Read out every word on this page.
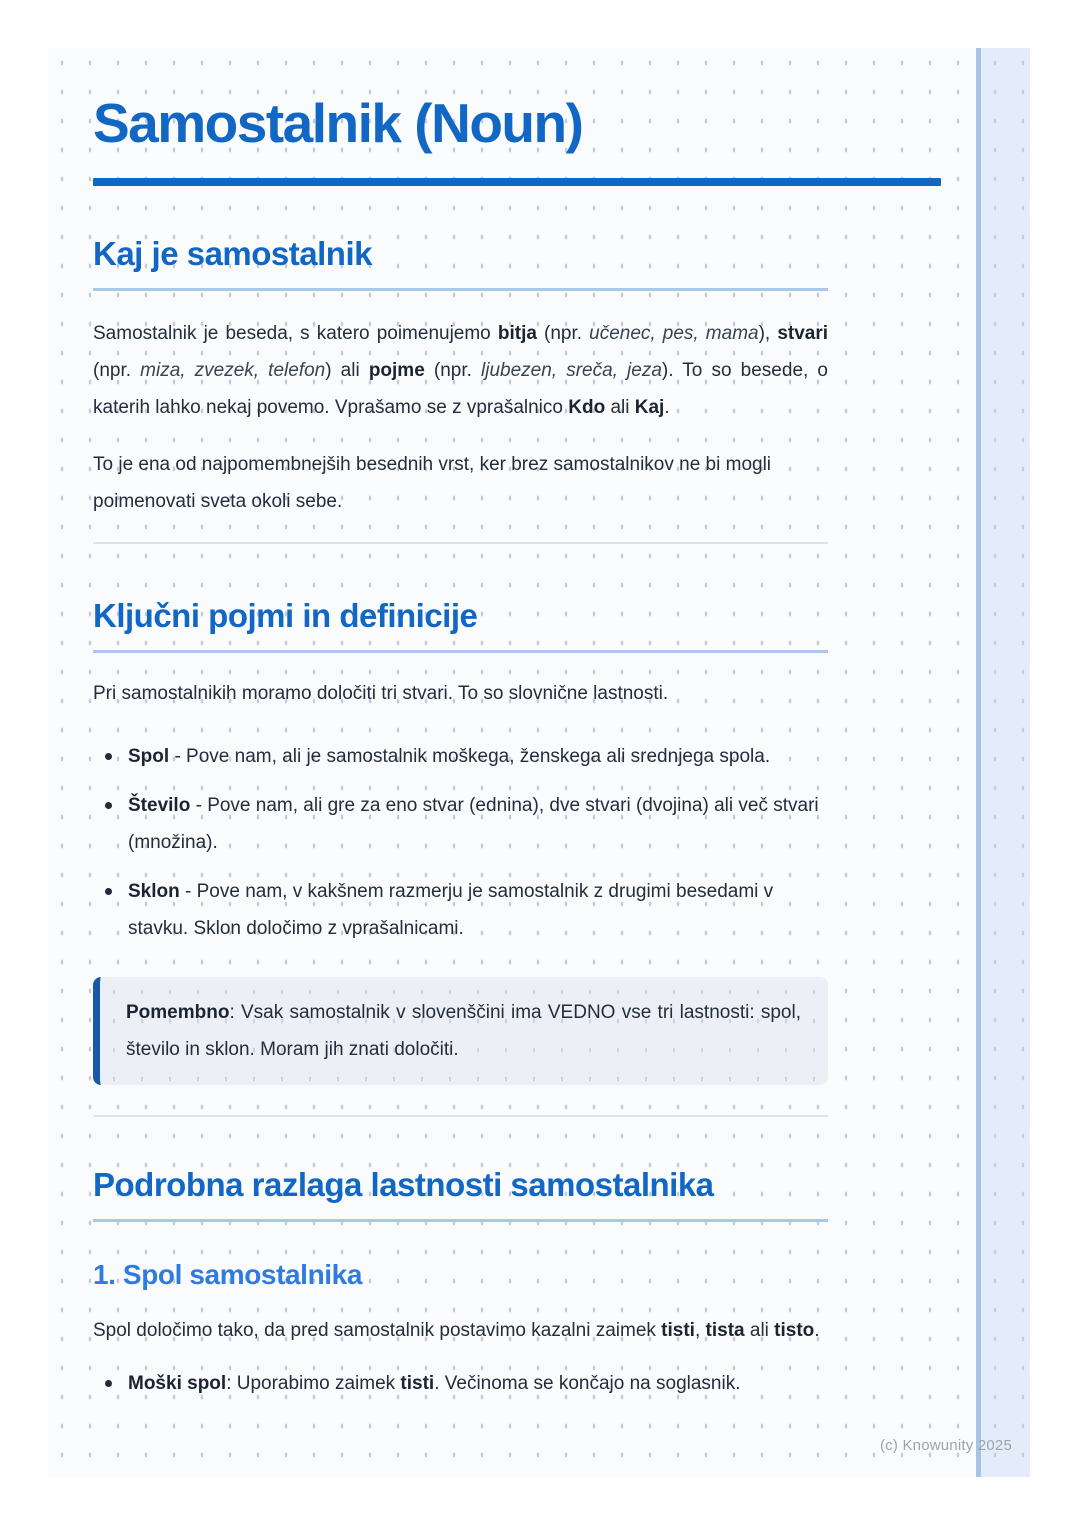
Samostalnik (Noun)
Kaj je samostalnik

Samostalnik je beseda, s katero poimenujemo bitja (npr. učenec, pes, mama), stvari (npr. miza, zvezek, telefon) ali pojme (npr. ljubezen, sreča, jeza). To so besede, o katerih lahko nekaj povemo. Vprašamo se z vprašalnico Kdo ali Kaj.

To je ena od najpomembnejših besednih vrst, ker brez samostalnikov ne bi mogli poimenovati sveta okoli sebe.

Ključni pojmi in definicije

Pri samostalnikih moramo določiti tri stvari. To so slovnične lastnosti.

Spol - Pove nam, ali je samostalnik moškega, ženskega ali srednjega spola.
Število - Pove nam, ali gre za eno stvar (ednina), dve stvari (dvojina) ali več stvari (množina).
Sklon - Pove nam, v kakšnem razmerju je samostalnik z drugimi besedami v stavku. Sklon določimo z vprašalnicami.
Pomembno: Vsak samostalnik v slovenščini ima VEDNO vse tri lastnosti: spol, število in sklon. Moram jih znati določiti.
Podrobna razlaga lastnosti samostalnika
1. Spol samostalnika

Spol določimo tako, da pred samostalnik postavimo kazalni zaimek tisti, tista ali tisto.

Moški spol: Uporabimo zaimek tisti. Večinoma se končajo na soglasnik.
(c) Knowunity 2025
